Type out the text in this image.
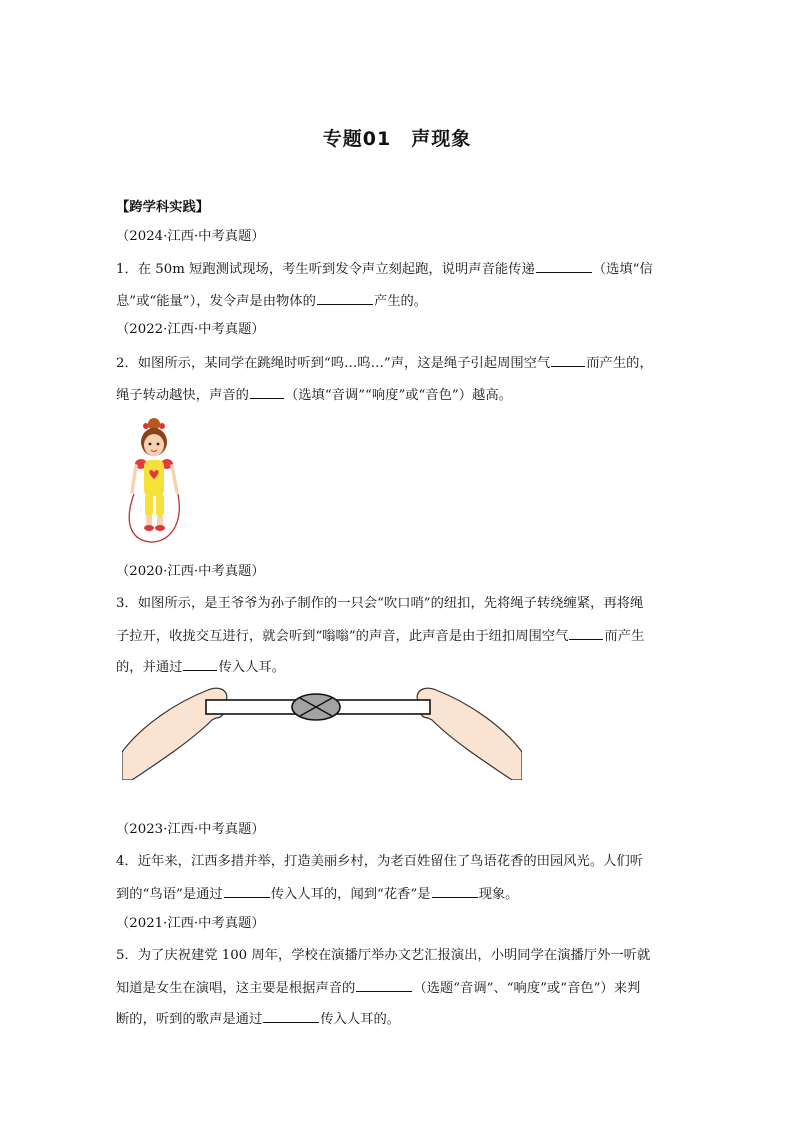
专题01　声现象
【跨学科实践】
（2024·江西·中考真题）
1．在 50m 短跑测试现场，考生听到发令声立刻起跑，说明声音能传递	（选填“信
息”或“能量”），发令声是由物体的	产生的。
（2022·江西·中考真题）
2．如图所示，某同学在跳绳时听到“呜…呜…”声，这是绳子引起周围空气	而产生的，
绳子转动越快，声音的	（选填“音调”“响度”或“音色”）越高。
（2020·江西·中考真题）
3．如图所示，是王爷爷为孙子制作的一只会“吹口哨”的纽扣，先将绳子转绕缠紧，再将绳
子拉开，收拢交互进行，就会听到“嗡嗡”的声音，此声音是由于纽扣周围空气	而产生
的，并通过	传入人耳。
（2023·江西·中考真题）
4．近年来，江西多措并举，打造美丽乡村，为老百姓留住了鸟语花香的田园风光。人们听
到的“鸟语”是通过	传入人耳的，闻到“花香”是	现象。
（2021·江西·中考真题）
5．为了庆祝建党 100 周年，学校在演播厅举办文艺汇报演出，小明同学在演播厅外一听就
知道是女生在演唱，这主要是根据声音的	（选题“音调”、“响度”或“音色”）来判
断的，听到的歌声是通过	传入人耳的。
